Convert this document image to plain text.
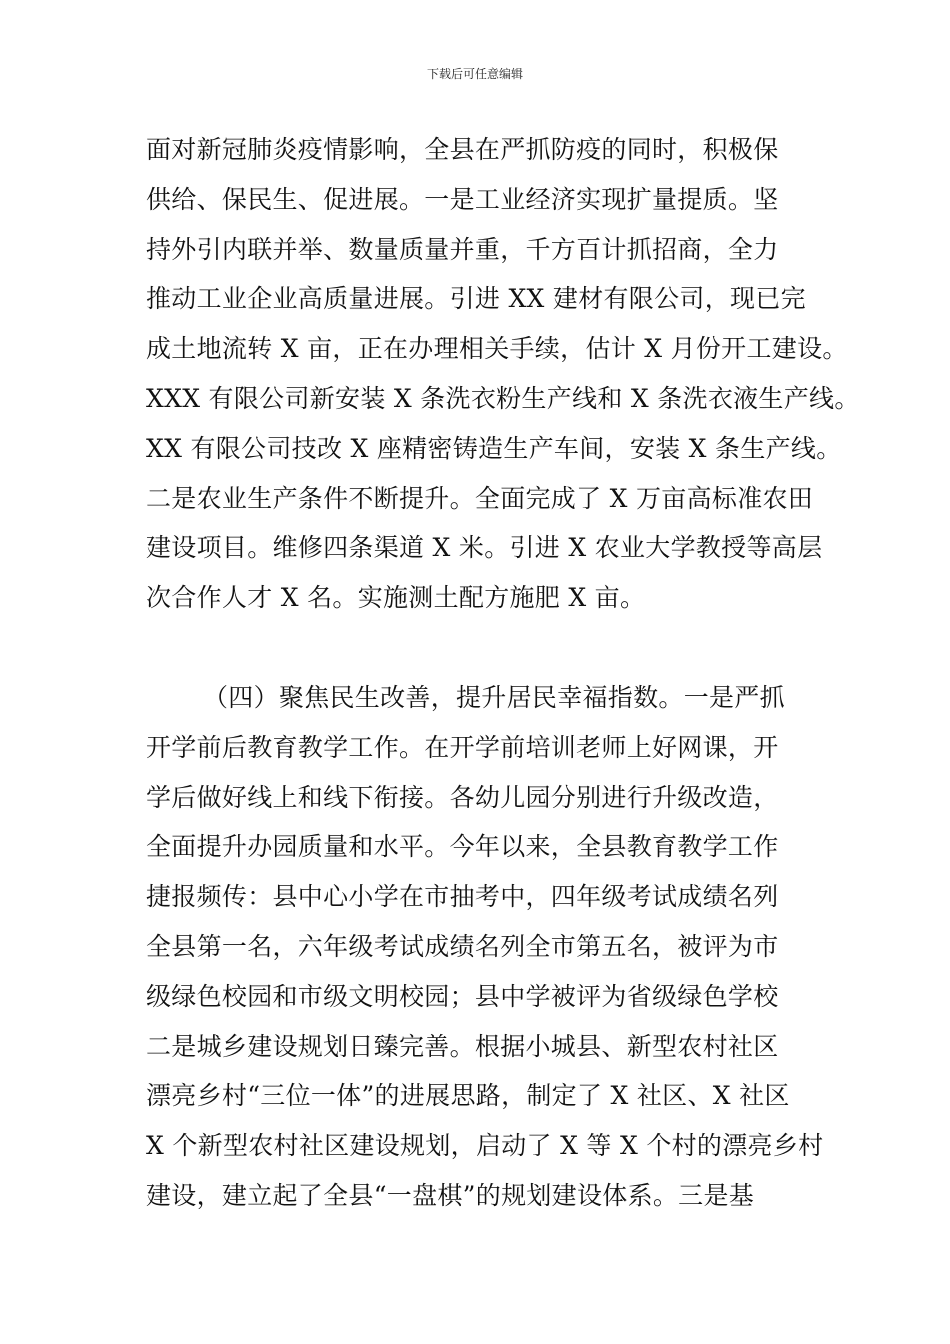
下载后可任意编辑
面对新冠肺炎疫情影响，全县在严抓防疫的同时，积极保
供给、保民生、促进展。一是工业经济实现扩量提质。坚
持外引内联并举、数量质量并重，千方百计抓招商，全力
推动工业企业高质量进展。引进 XX 建材有限公司，现已完
成土地流转 X 亩，正在办理相关手续，估计 X 月份开工建设。
XXX 有限公司新安装 X 条洗衣粉生产线和 X 条洗衣液生产线。
XX 有限公司技改 X 座精密铸造生产车间，安装 X 条生产线。
二是农业生产条件不断提升。全面完成了 X 万亩高标准农田
建设项目。维修四条渠道 X 米。引进 X 农业大学教授等高层
次合作人才 X 名。实施测土配方施肥 X 亩。
（四）聚焦民生改善，提升居民幸福指数。一是严抓
开学前后教育教学工作。在开学前培训老师上好网课，开
学后做好线上和线下衔接。各幼儿园分别进行升级改造，
全面提升办园质量和水平。今年以来，全县教育教学工作
捷报频传：县中心小学在市抽考中，四年级考试成绩名列
全县第一名，六年级考试成绩名列全市第五名，被评为市
级绿色校园和市级文明校园；县中学被评为省级绿色学校
二是城乡建设规划日臻完善。根据小城县、新型农村社区
漂亮乡村“三位一体”的进展思路，制定了 X 社区、X 社区
X 个新型农村社区建设规划，启动了 X 等 X 个村的漂亮乡村
建设，建立起了全县“一盘棋”的规划建设体系。三是基
